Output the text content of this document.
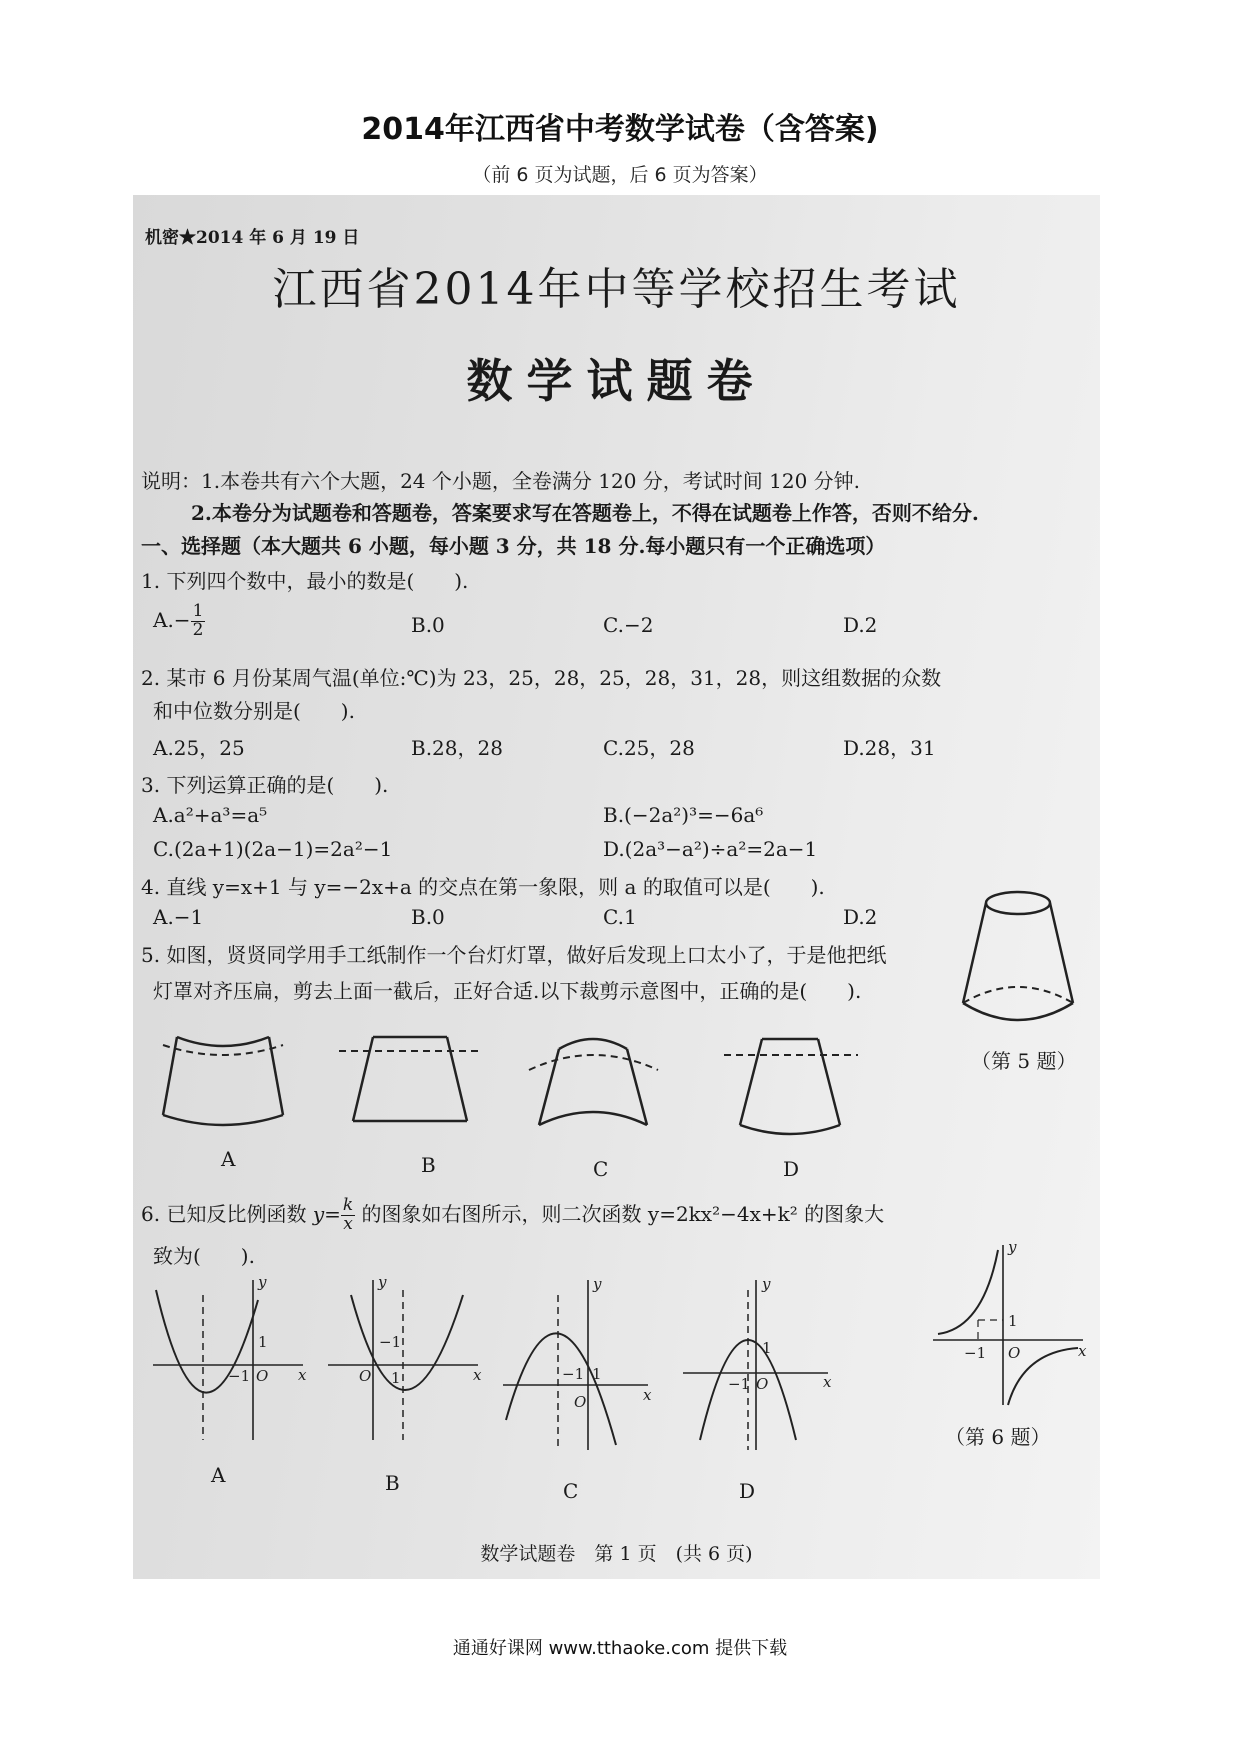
2014年江西省中考数学试卷（含答案)
（前 6 页为试题，后 6 页为答案）
机密★2014 年 6 月 19 日
江西省2014年中等学校招生考试
数学试题卷
说明：1.本卷共有六个大题，24 个小题，全卷满分 120 分，考试时间 120 分钟.
2.本卷分为试题卷和答题卷，答案要求写在答题卷上，不得在试题卷上作答，否则不给分.
一、选择题（本大题共 6 小题，每小题 3 分，共 18 分.每小题只有一个正确选项）
1. 下列四个数中，最小的数是(　　).
$A.- \frac{1}{2}$	B.0	C.−2	D.2
2. 某市 6 月份某周气温(单位:℃)为 23，25，28，25，28，31，28，则这组数据的众数
和中位数分别是(　　).
A.25，25	B.28，28	C.25，28	D.28，31
3. 下列运算正确的是(　　).
A.a²+a³=a⁵	B.(−2a²)³=−6a⁶
C.(2a+1)(2a−1)=2a²−1	D.(2a³−a²)÷a²=2a−1
4. 直线 y=x+1 与 y=−2x+a 的交点在第一象限，则 a 的取值可以是(　　).
A.−1	B.0	C.1	D.2
5. 如图，贤贤同学用手工纸制作一个台灯灯罩，做好后发现上口太小了，于是他把纸
灯罩对齐压扁，剪去上面一截后，正好合适.以下裁剪示意图中，正确的是(　　).
（第 5 题）
A	B	C	D
6. 已知反比例函数 $y= \frac{k}{x}$ 的图象如右图所示，则二次函数 y=2kx²−4x+k² 的图象大
致为(　　).
x
y
O
−1
1
x
y
O 1
−1
x
y
O
−1 1	x
y
O
−1
1
A	B	C	D
x
y
O
−1
1
（第 6 题）
数学试题卷　第 1 页　(共 6 页)
通通好课网 www.tthaoke.com 提供下载
